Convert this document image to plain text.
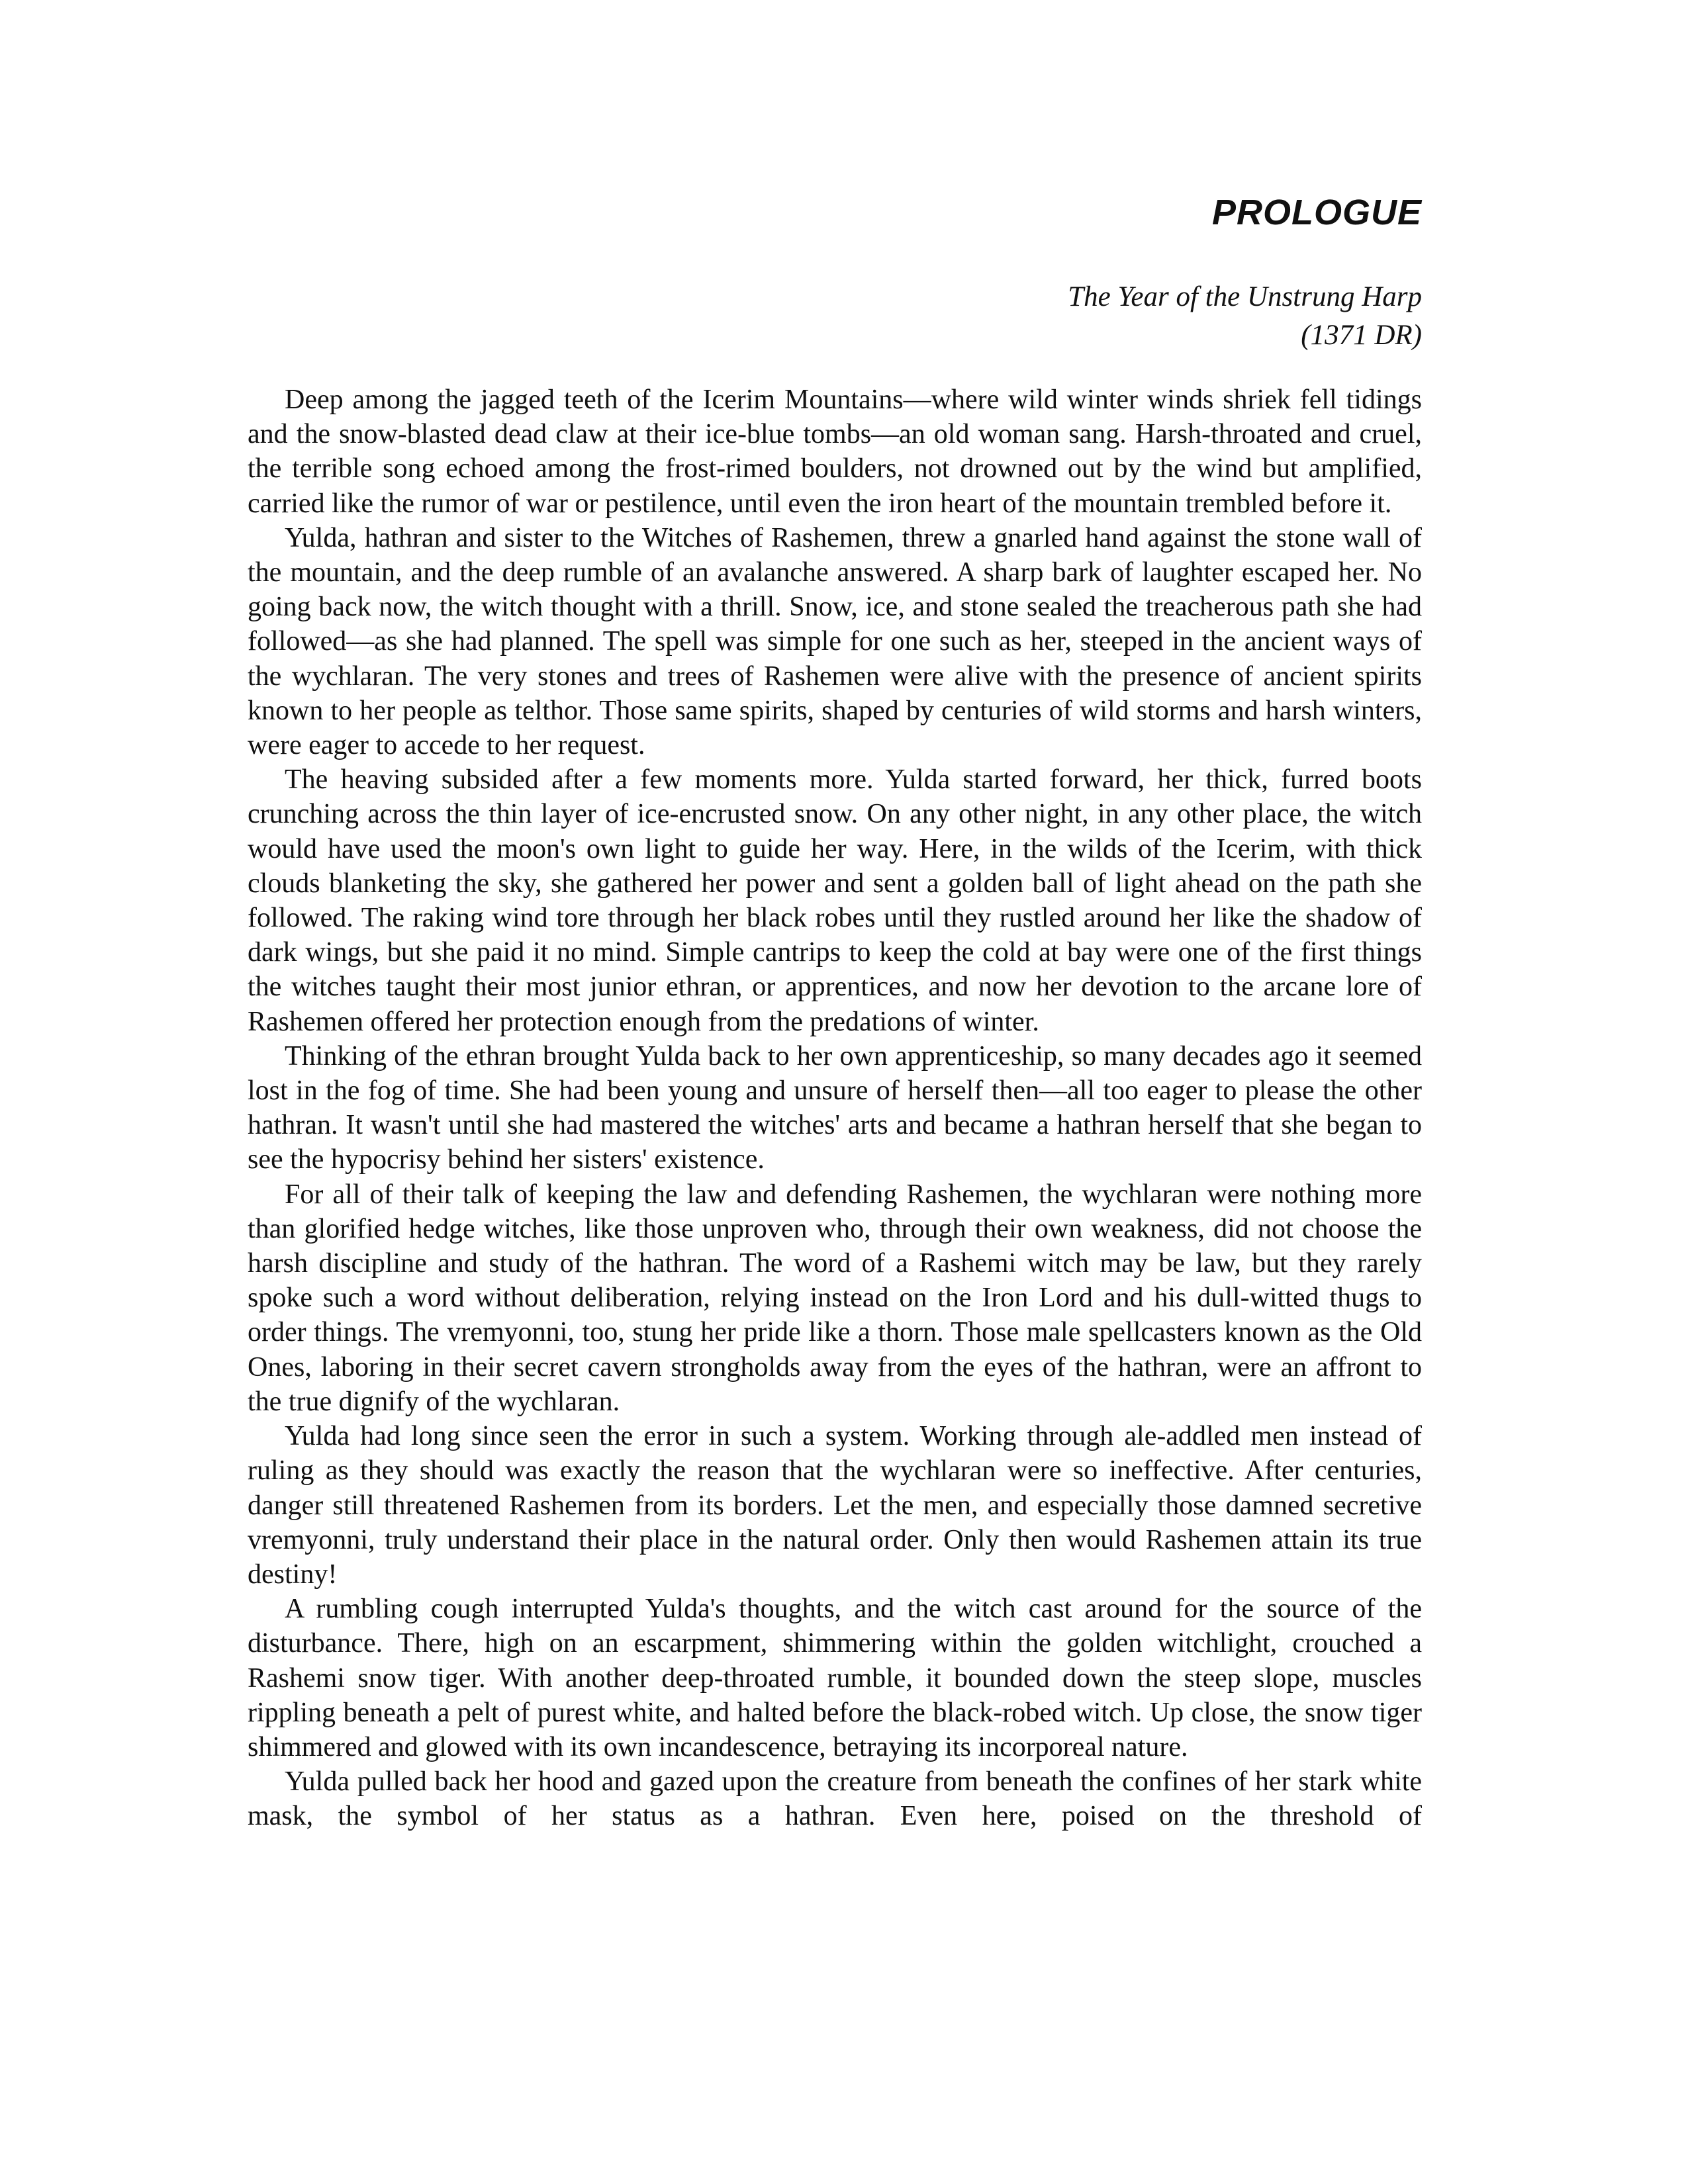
PROLOGUE
The Year of the Unstrung Harp
(1371 DR)

Deep among the jagged teeth of the Icerim Mountains—where wild winter winds shriek fell tidings and the snow-blasted dead claw at their ice-blue tombs—an old woman sang. Harsh-throated and cruel, the terrible song echoed among the frost-rimed boulders, not drowned out by the wind but amplified, carried like the rumor of war or pestilence, until even the iron heart of the mountain trembled before it.

Yulda, hathran and sister to the Witches of Rashemen, threw a gnarled hand against the stone wall of the mountain, and the deep rumble of an avalanche answered. A sharp bark of laughter escaped her. No going back now, the witch thought with a thrill. Snow, ice, and stone sealed the treacherous path she had followed—as she had planned. The spell was simple for one such as her, steeped in the ancient ways of the wychlaran. The very stones and trees of Rashemen were alive with the presence of ancient spirits known to her people as telthor. Those same spirits, shaped by centuries of wild storms and harsh winters, were eager to accede to her request.

The heaving subsided after a few moments more. Yulda started forward, her thick, furred boots crunching across the thin layer of ice-encrusted snow. On any other night, in any other place, the witch would have used the moon's own light to guide her way. Here, in the wilds of the Icerim, with thick clouds blanketing the sky, she gathered her power and sent a golden ball of light ahead on the path she followed. The raking wind tore through her black robes until they rustled around her like the shadow of dark wings, but she paid it no mind. Simple cantrips to keep the cold at bay were one of the first things the witches taught their most junior ethran, or apprentices, and now her devotion to the arcane lore of Rashemen offered her protection enough from the predations of winter.

Thinking of the ethran brought Yulda back to her own apprenticeship, so many decades ago it seemed lost in the fog of time. She had been young and unsure of herself then—all too eager to please the other hathran. It wasn't until she had mastered the witches' arts and became a hathran herself that she began to see the hypocrisy behind her sisters' existence.

For all of their talk of keeping the law and defending Rashemen, the wychlaran were nothing more than glorified hedge witches, like those unproven who, through their own weakness, did not choose the harsh discipline and study of the hathran. The word of a Rashemi witch may be law, but they rarely spoke such a word without deliberation, relying instead on the Iron Lord and his dull-witted thugs to order things. The vremyonni, too, stung her pride like a thorn. Those male spellcasters known as the Old Ones, laboring in their secret cavern strongholds away from the eyes of the hathran, were an affront to the true dignify of the wychlaran.

Yulda had long since seen the error in such a system. Working through ale-addled men instead of ruling as they should was exactly the reason that the wychlaran were so ineffective. After centuries, danger still threatened Rashemen from its borders. Let the men, and especially those damned secretive vremyonni, truly understand their place in the natural order. Only then would Rashemen attain its true destiny!

A rumbling cough interrupted Yulda's thoughts, and the witch cast around for the source of the disturbance. There, high on an escarpment, shimmering within the golden witchlight, crouched a Rashemi snow tiger. With another deep-throated rumble, it bounded down the steep slope, muscles rippling beneath a pelt of purest white, and halted before the black-robed witch. Up close, the snow tiger shimmered and glowed with its own incandescence, betraying its incorporeal nature.

Yulda pulled back her hood and gazed upon the creature from beneath the confines of her stark white mask, the symbol of her status as a hathran. Even here, poised on the threshold of
